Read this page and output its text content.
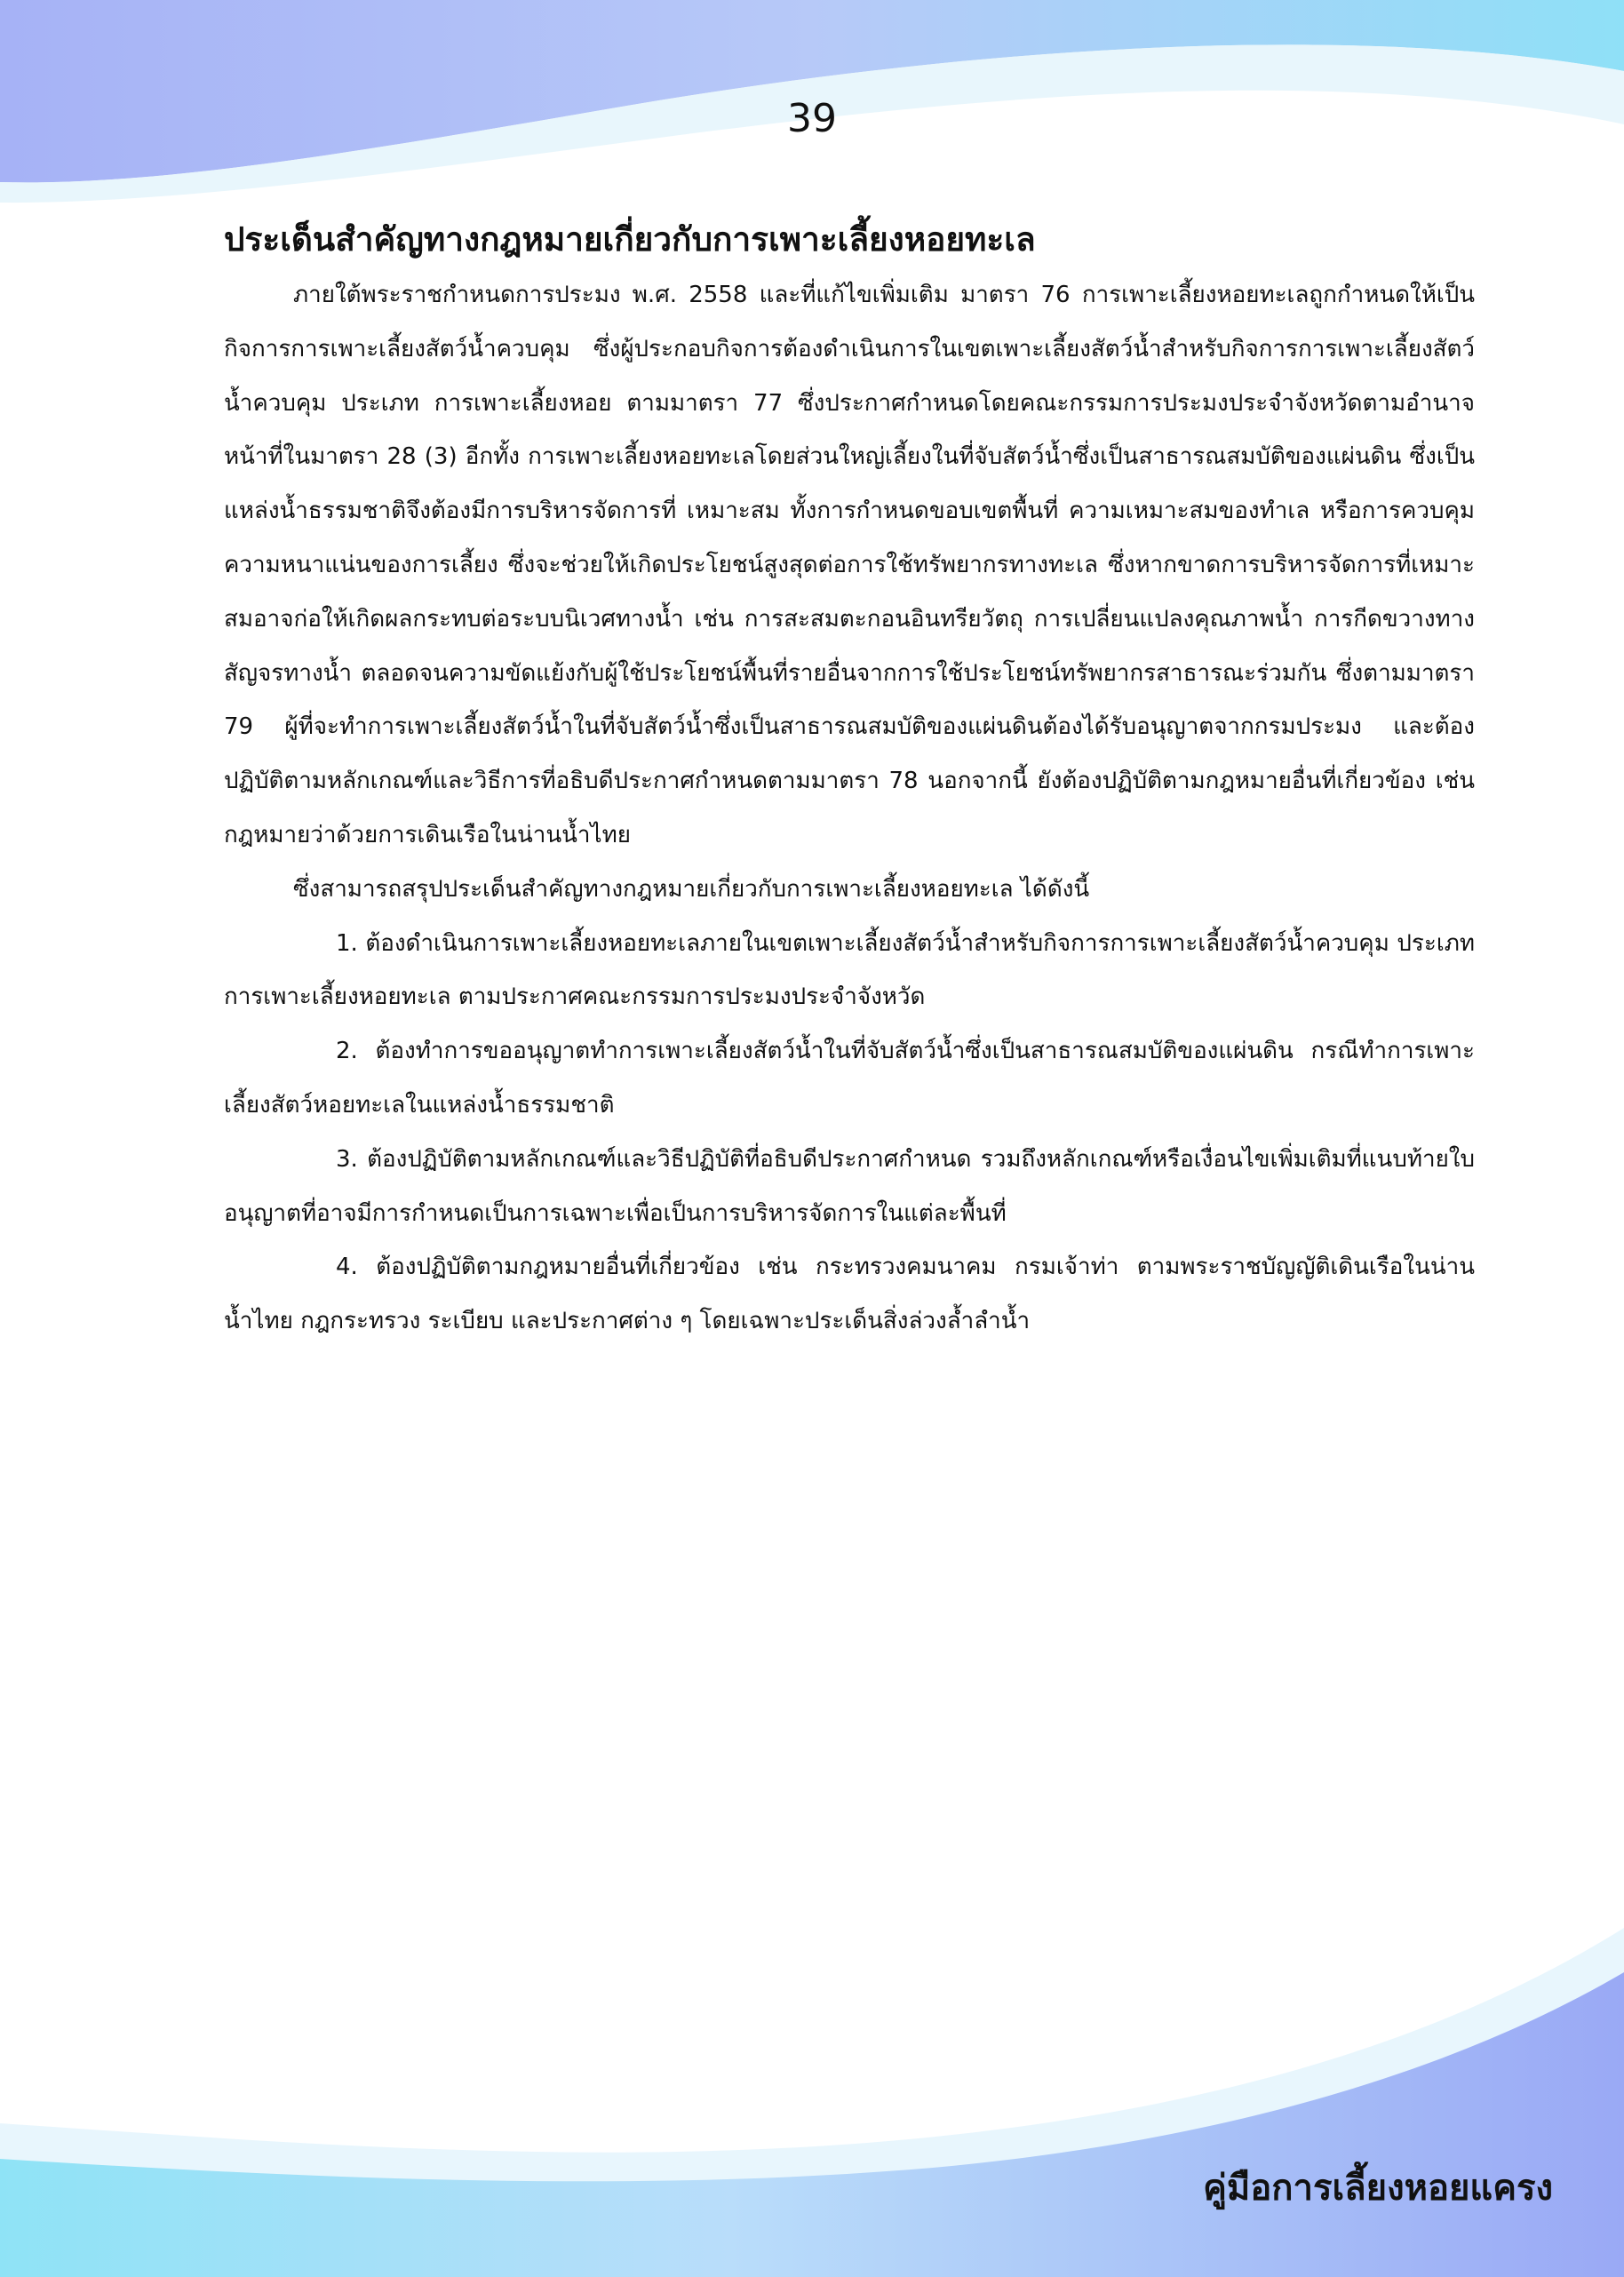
39
ประเด็นสำคัญทางกฎหมายเกี่ยวกับการเพาะเลี้ยงหอยทะเล

ภายใต้พระราชกำหนดการประมง พ.ศ. 2558 และที่แก้ไขเพิ่มเติม มาตรา 76 การเพาะเลี้ยงหอยทะเลถูกกำหนดให้เป็นกิจการการเพาะเลี้ยงสัตว์น้ำควบคุม ซึ่งผู้ประกอบกิจการต้องดำเนินการในเขตเพาะเลี้ยงสัตว์น้ำสำหรับกิจการการเพาะเลี้ยงสัตว์น้ำควบคุม ประเภท การเพาะเลี้ยงหอย ตามมาตรา 77 ซึ่งประกาศกำหนดโดยคณะกรรมการประมงประจำจังหวัดตามอำนาจหน้าที่ในมาตรา 28 (3) อีกทั้ง การเพาะเลี้ยงหอยทะเลโดยส่วนใหญ่เลี้ยงในที่จับสัตว์น้ำซึ่งเป็นสาธารณสมบัติของแผ่นดิน ซึ่งเป็นแหล่งน้ำธรรมชาติจึงต้องมีการบริหารจัดการที่ เหมาะสม ทั้งการกำหนดขอบเขตพื้นที่ ความเหมาะสมของทำเล หรือการควบคุมความหนาแน่นของการเลี้ยง ซึ่งจะช่วยให้เกิดประโยชน์สูงสุดต่อการใช้ทรัพยากรทางทะเล ซึ่งหากขาดการบริหารจัดการที่เหมาะสมอาจก่อให้เกิดผลกระทบต่อระบบนิเวศทางน้ำ เช่น การสะสมตะกอนอินทรียวัตถุ การเปลี่ยนแปลงคุณภาพน้ำ การกีดขวางทางสัญจรทางน้ำ ตลอดจนความขัดแย้งกับผู้ใช้ประโยชน์พื้นที่รายอื่นจากการใช้ประโยชน์ทรัพยากรสาธารณะร่วมกัน ซึ่งตามมาตรา 79 ผู้ที่จะทำการเพาะเลี้ยงสัตว์น้ำในที่จับสัตว์น้ำซึ่งเป็นสาธารณสมบัติของแผ่นดินต้องได้รับอนุญาตจากกรมประมง และต้องปฏิบัติตามหลักเกณฑ์และวิธีการที่อธิบดีประกาศกำหนดตามมาตรา 78 นอกจากนี้ ยังต้องปฏิบัติตามกฎหมายอื่นที่เกี่ยวข้อง เช่น กฎหมายว่าด้วยการเดินเรือในน่านน้ำไทย

ซึ่งสามารถสรุปประเด็นสำคัญทางกฎหมายเกี่ยวกับการเพาะเลี้ยงหอยทะเล ได้ดังนี้

1. ต้องดำเนินการเพาะเลี้ยงหอยทะเลภายในเขตเพาะเลี้ยงสัตว์น้ำสำหรับกิจการการเพาะเลี้ยงสัตว์น้ำควบคุม ประเภทการเพาะเลี้ยงหอยทะเล ตามประกาศคณะกรรมการประมงประจำจังหวัด

2. ต้องทำการขออนุญาตทำการเพาะเลี้ยงสัตว์น้ำในที่จับสัตว์น้ำซึ่งเป็นสาธารณสมบัติของแผ่นดิน กรณีทำการเพาะเลี้ยงสัตว์หอยทะเลในแหล่งน้ำธรรมชาติ

3. ต้องปฏิบัติตามหลักเกณฑ์และวิธีปฏิบัติที่อธิบดีประกาศกำหนด รวมถึงหลักเกณฑ์หรือเงื่อนไขเพิ่มเติมที่แนบท้ายใบอนุญาตที่อาจมีการกำหนดเป็นการเฉพาะเพื่อเป็นการบริหารจัดการในแต่ละพื้นที่

4. ต้องปฏิบัติตามกฎหมายอื่นที่เกี่ยวข้อง เช่น กระทรวงคมนาคม กรมเจ้าท่า ตามพระราชบัญญัติเดินเรือในน่านน้ำไทย กฎกระทรวง ระเบียบ และประกาศต่าง ๆ โดยเฉพาะประเด็นสิ่งล่วงล้ำลำน้ำ

คู่มือการเลี้ยงหอยแครง
